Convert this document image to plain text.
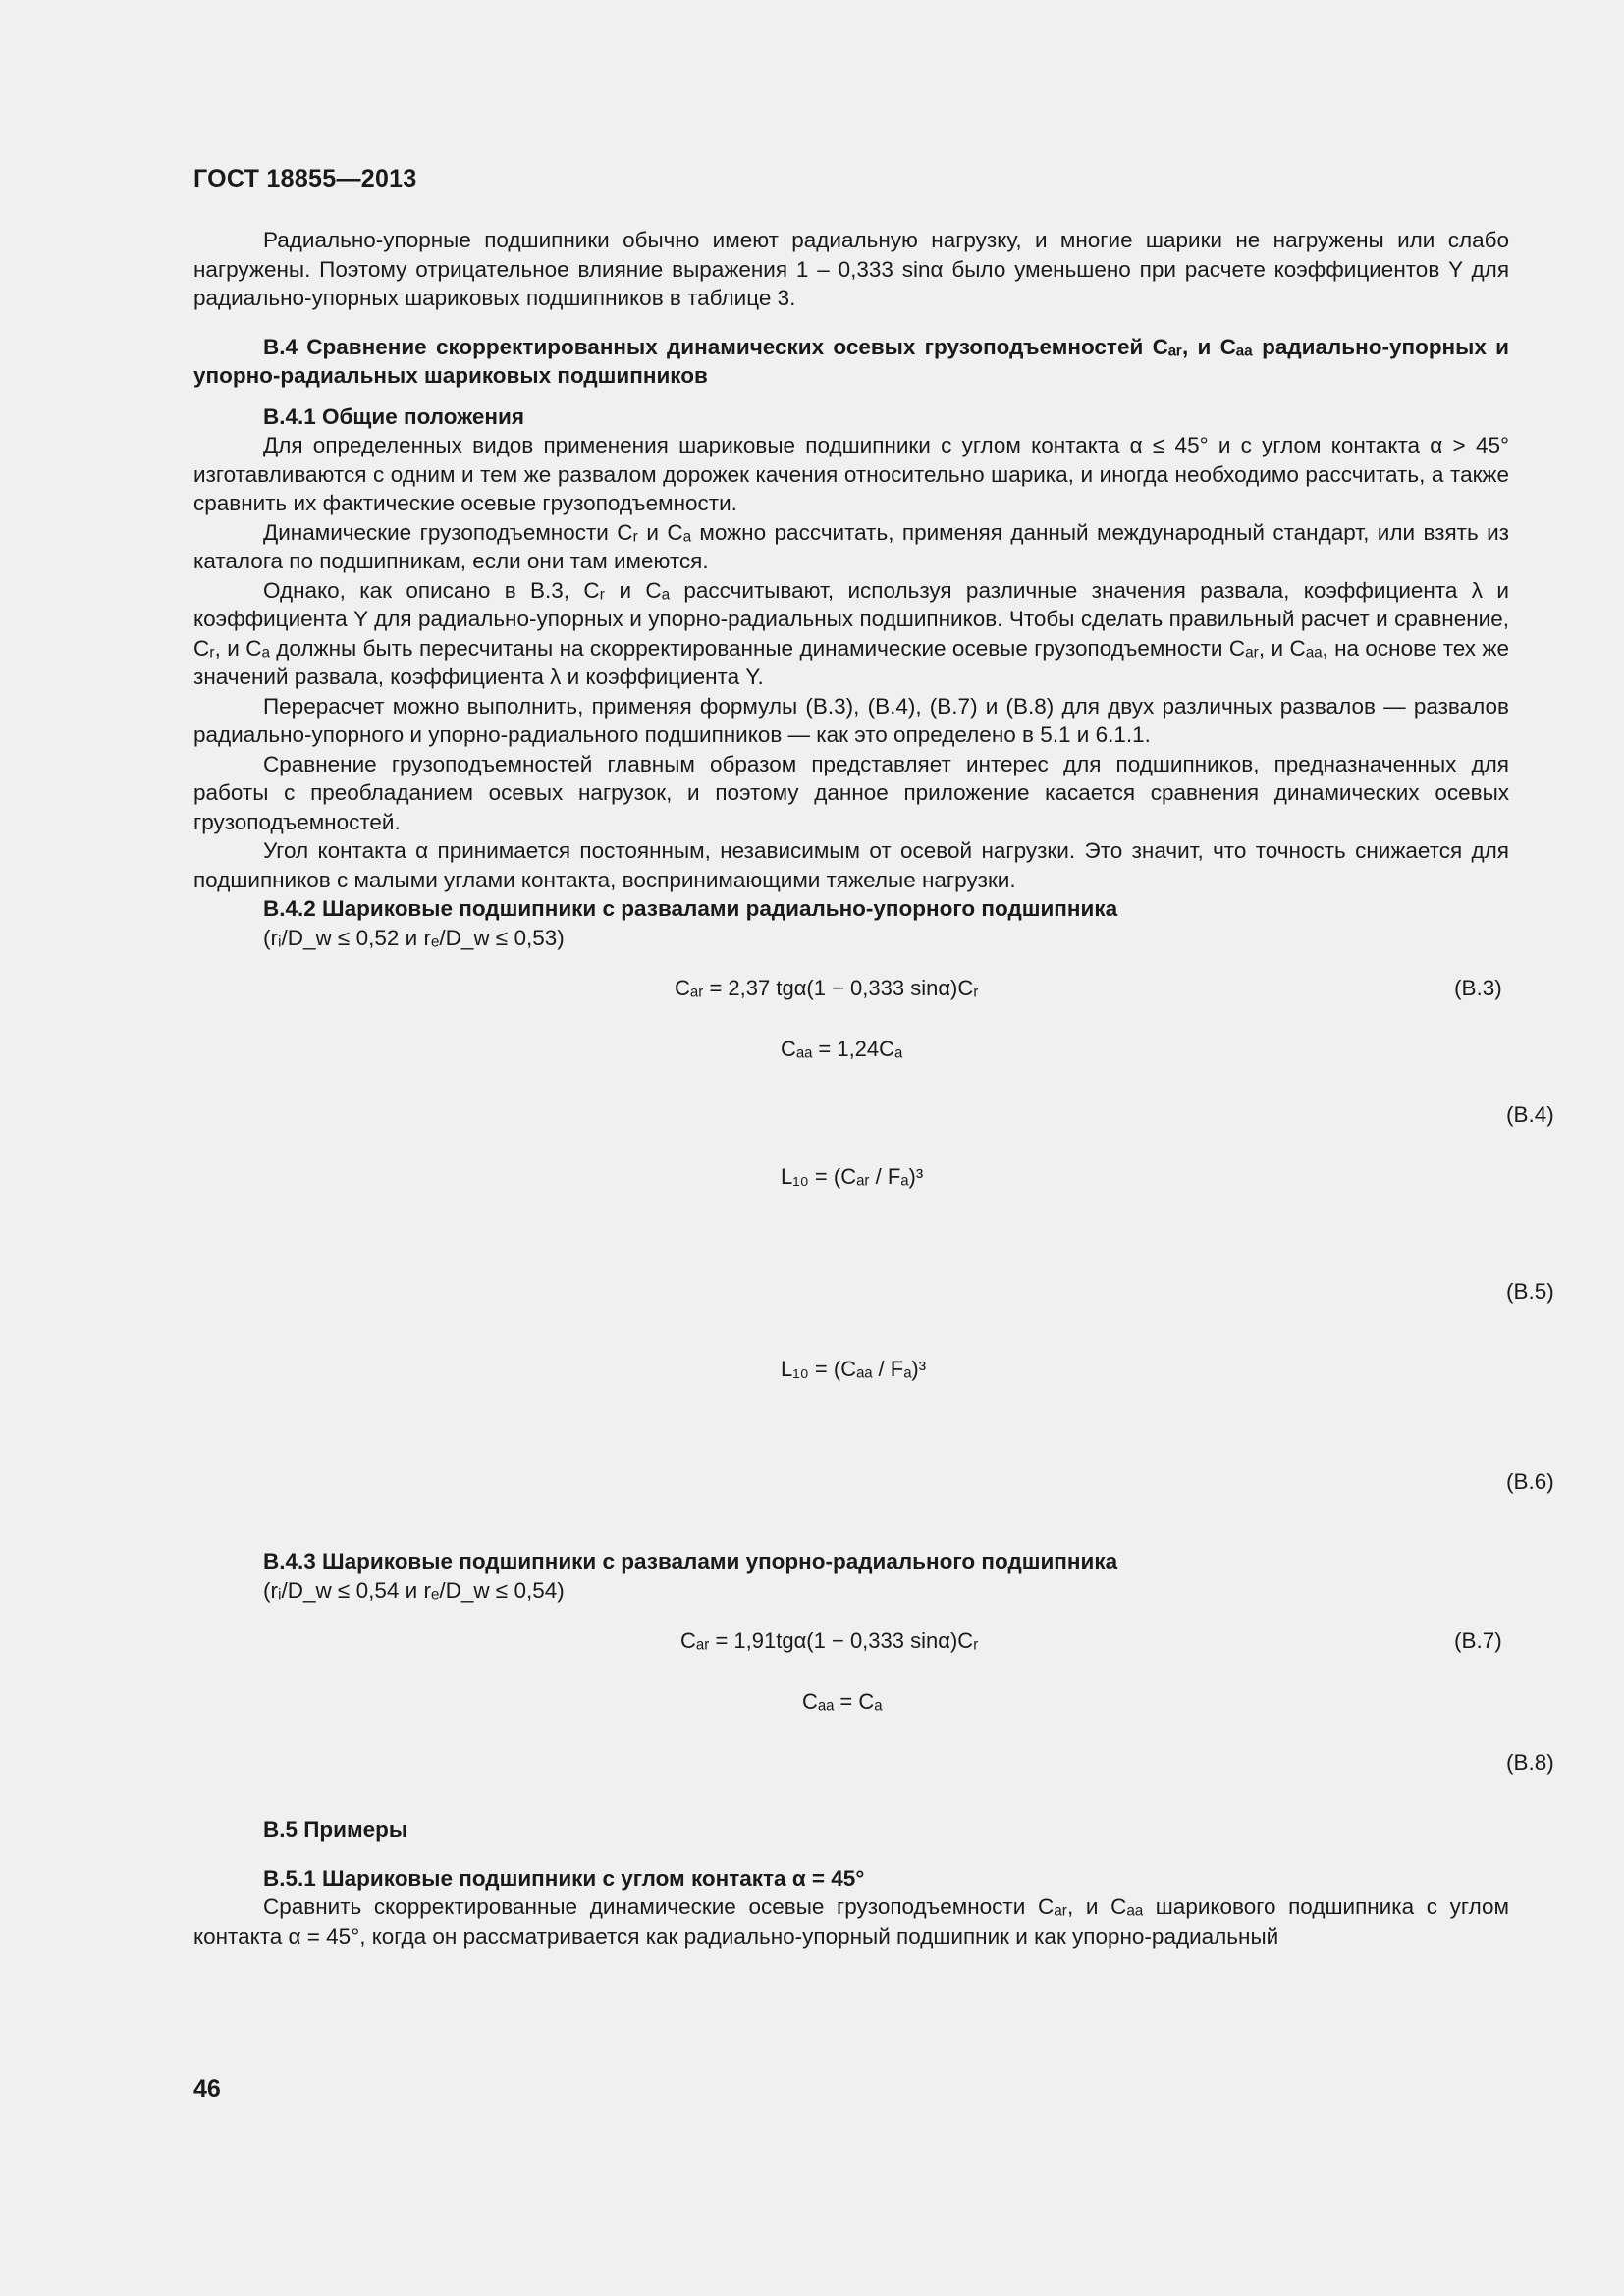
ГОСТ 18855—2013

Радиально-упорные подшипники обычно имеют радиальную нагрузку, и многие шарики не нагружены или слабо нагружены. Поэтому отрицательное влияние выражения 1 – 0,333 sinα было уменьшено при расчете коэффициентов Y для радиально-упорных шариковых подшипников в таблице 3.

В.4 Сравнение скорректированных динамических осевых грузоподъемностей Cₐᵣ, и Cₐₐ радиально-упорных и упорно-радиальных шариковых подшипников

В.4.1 Общие положения

Для определенных видов применения шариковые подшипники с углом контакта α ≤ 45° и с углом контакта α > 45° изготавливаются с одним и тем же развалом дорожек качения относительно шарика, и иногда необходимо рассчитать, а также сравнить их фактические осевые грузоподъемности.

Динамические грузоподъемности Cᵣ и Cₐ можно рассчитать, применяя данный международный стандарт, или взять из каталога по подшипникам, если они там имеются.

Однако, как описано в В.3, Cᵣ и Cₐ рассчитывают, используя различные значения развала, коэффициента λ и коэффициента Y для радиально-упорных и упорно-радиальных подшипников. Чтобы сделать правильный расчет и сравнение, Cᵣ, и Cₐ должны быть пересчитаны на скорректированные динамические осевые грузоподъемности Cₐᵣ, и Cₐₐ, на основе тех же значений развала, коэффициента λ и коэффициента Y.

Перерасчет можно выполнить, применяя формулы (В.3), (В.4), (В.7) и (В.8) для двух различных развалов — развалов радиально-упорного и упорно-радиального подшипников — как это определено в 5.1 и 6.1.1.

Сравнение грузоподъемностей главным образом представляет интерес для подшипников, предназначенных для работы с преобладанием осевых нагрузок, и поэтому данное приложение касается сравнения динамических осевых грузоподъемностей.

Угол контакта α принимается постоянным, независимым от осевой нагрузки. Это значит, что точность снижается для подшипников с малыми углами контакта, воспринимающими тяжелые нагрузки.

В.4.2 Шариковые подшипники с развалами радиально-упорного подшипника

(rᵢ/D_w ≤ 0,52 и rₑ/D_w ≤ 0,53)

Cₐᵣ = 2,37 tgα(1 − 0,333 sinα)Cᵣ	(В.3)
Cₐₐ = 1,24Cₐ
(В.4)
L₁₀ = (Cₐᵣ / Fₐ)³
(В.5)
L₁₀ = (Cₐₐ / Fₐ)³
(В.6)

В.4.3 Шариковые подшипники с развалами упорно-радиального подшипника

(rᵢ/D_w ≤ 0,54 и rₑ/D_w ≤ 0,54)

Cₐᵣ = 1,91tgα(1 − 0,333 sinα)Cᵣ	(В.7)
Cₐₐ = Cₐ
(В.8)

В.5 Примеры

В.5.1 Шариковые подшипники с углом контакта α = 45°

Сравнить скорректированные динамические осевые грузоподъемности Cₐᵣ, и Cₐₐ шарикового подшипника с углом контакта α = 45°, когда он рассматривается как радиально-упорный подшипник и как упорно-радиальный

46
